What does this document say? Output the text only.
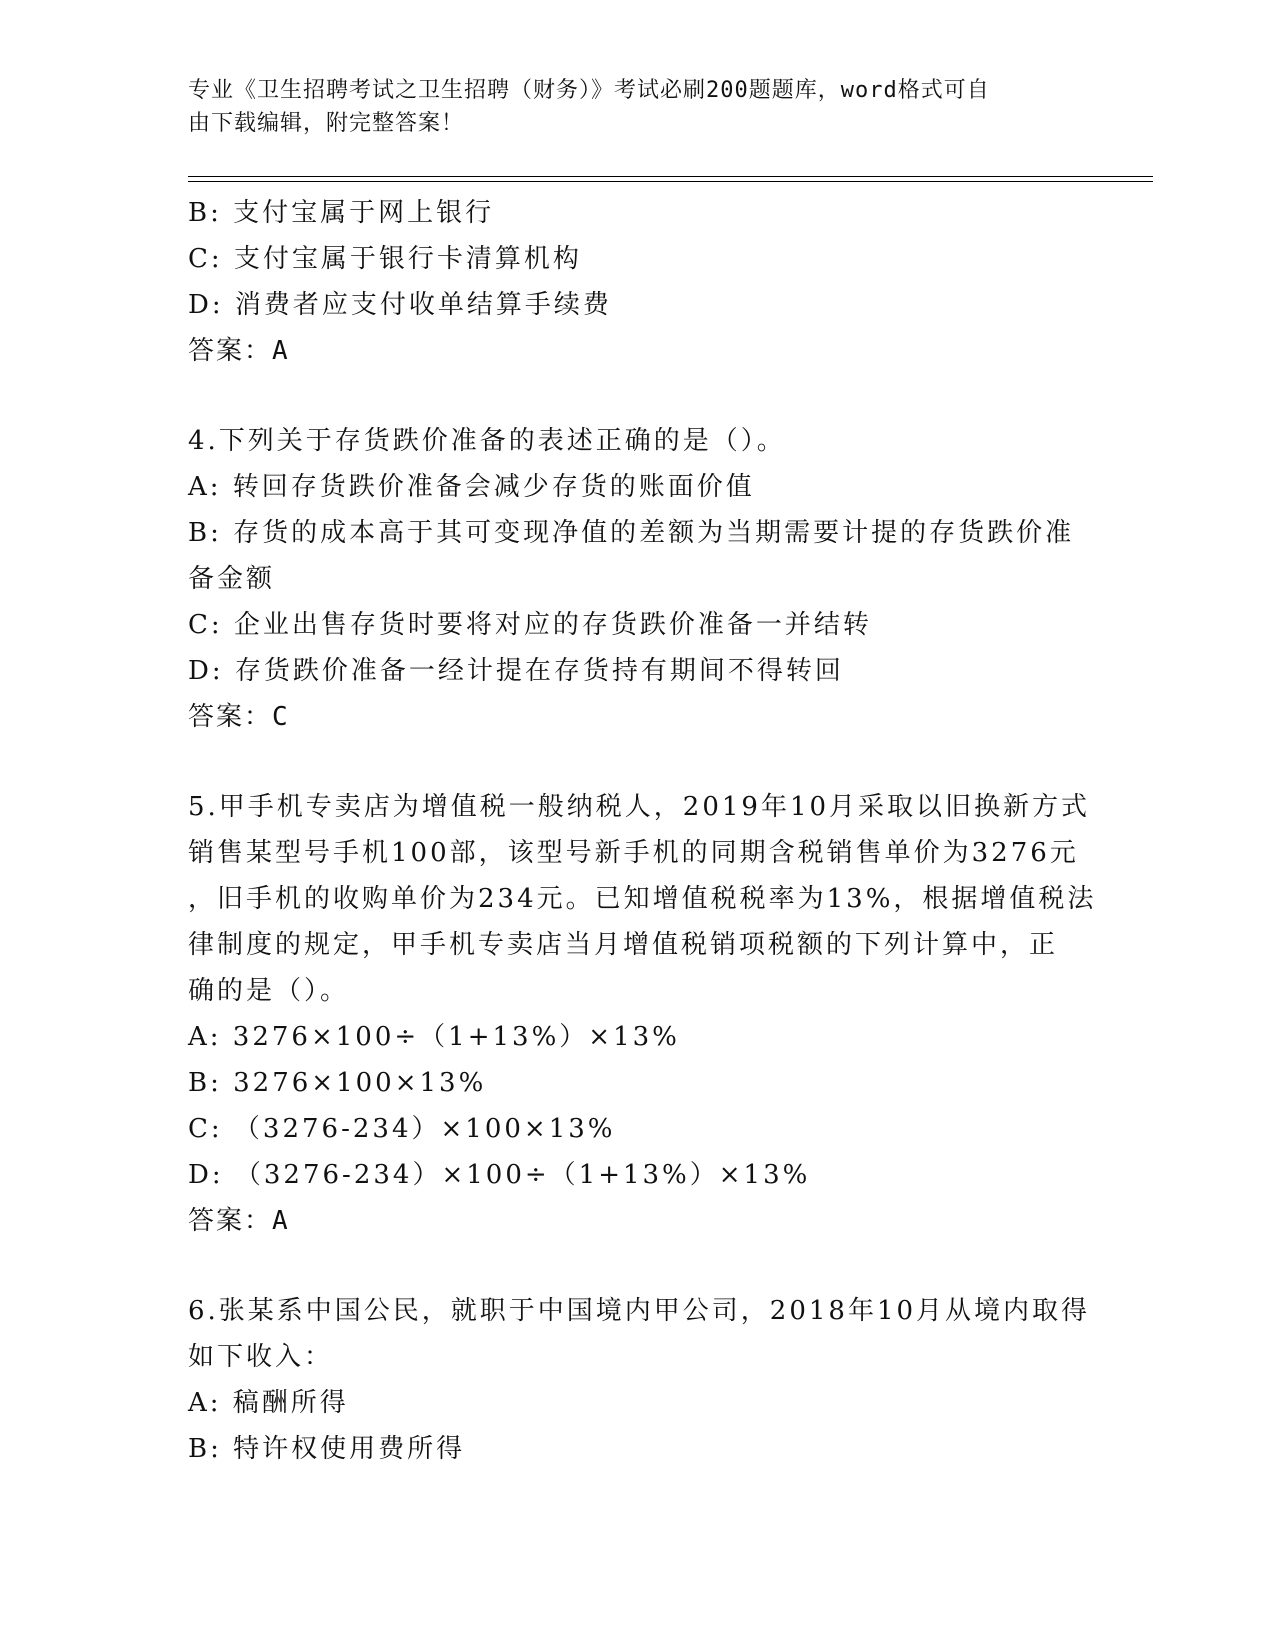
专业《卫生招聘考试之卫生招聘（财务）》考试必刷200题题库，word格式可自
由下载编辑，附完整答案！
B: 支付宝属于网上银行
C: 支付宝属于银行卡清算机构
D: 消费者应支付收单结算手续费
答案：A
4.下列关于存货跌价准备的表述正确的是（）。
A: 转回存货跌价准备会减少存货的账面价值
B: 存货的成本高于其可变现净值的差额为当期需要计提的存货跌价准
备金额
C: 企业出售存货时要将对应的存货跌价准备一并结转
D: 存货跌价准备一经计提在存货持有期间不得转回
答案：C
5.甲手机专卖店为增值税一般纳税人，2019年10月采取以旧换新方式
销售某型号手机100部，该型号新手机的同期含税销售单价为3276元
，旧手机的收购单价为234元。已知增值税税率为13%，根据增值税法
律制度的规定，甲手机专卖店当月增值税销项税额的下列计算中，正
确的是（）。
A: 3276×100÷（1+13%）×13%
B: 3276×100×13%
C: （3276-234）×100×13%
D: （3276-234）×100÷（1+13%）×13%
答案：A
6.张某系中国公民，就职于中国境内甲公司，2018年10月从境内取得
如下收入：
A: 稿酬所得
B: 特许权使用费所得
